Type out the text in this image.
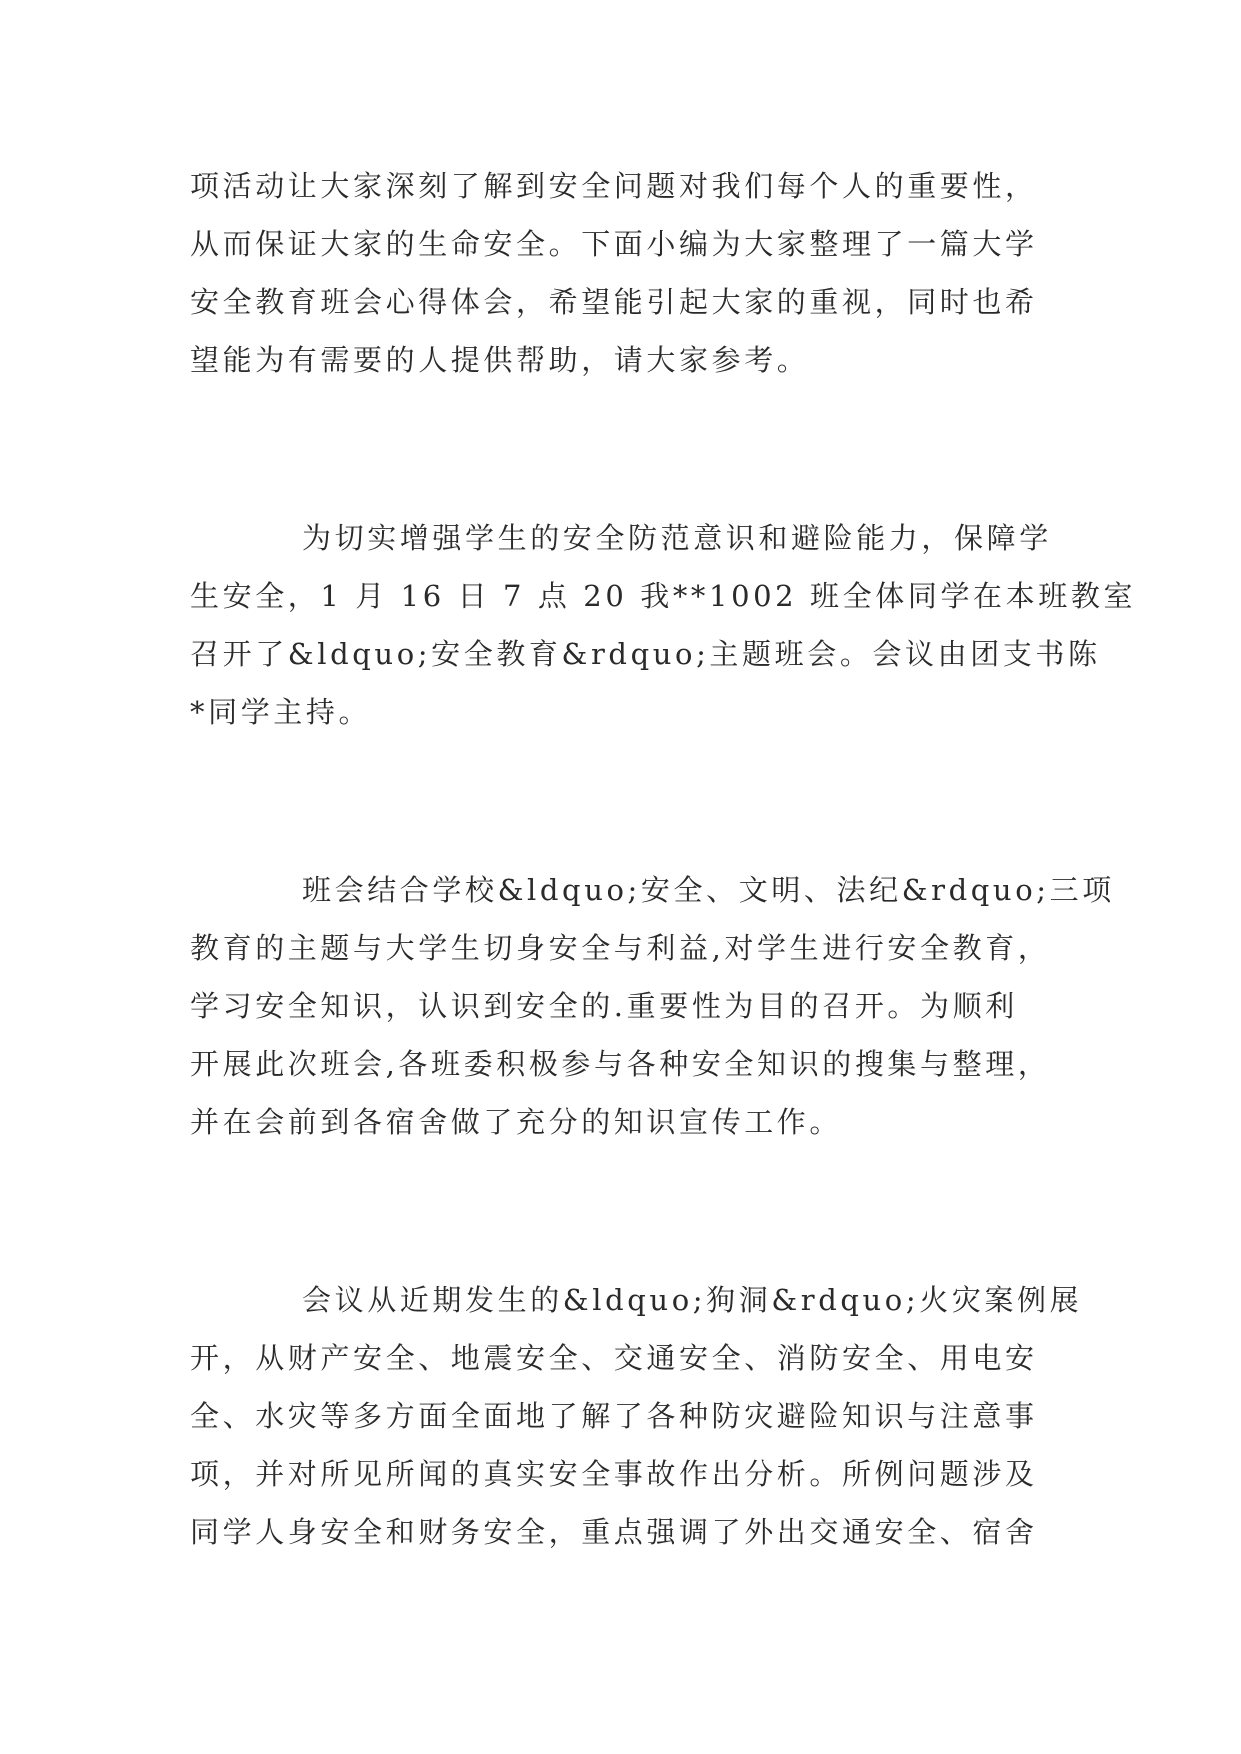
项活动让大家深刻了解到安全问题对我们每个人的重要性，
从而保证大家的生命安全。下面小编为大家整理了一篇大学
安全教育班会心得体会，希望能引起大家的重视，同时也希
望能为有需要的人提供帮助，请大家参考。
为切实增强学生的安全防范意识和避险能力，保障学
生安全，1 月 16 日 7 点 20 我**1002 班全体同学在本班教室
召开了&ldquo;安全教育&rdquo;主题班会。会议由团支书陈
*同学主持。
班会结合学校&ldquo;安全、文明、法纪&rdquo;三项
教育的主题与大学生切身安全与利益,对学生进行安全教育，
学习安全知识，认识到安全的.重要性为目的召开。为顺利
开展此次班会,各班委积极参与各种安全知识的搜集与整理，
并在会前到各宿舍做了充分的知识宣传工作。
会议从近期发生的&ldquo;狗洞&rdquo;火灾案例展
开，从财产安全、地震安全、交通安全、消防安全、用电安
全、水灾等多方面全面地了解了各种防灾避险知识与注意事
项，并对所见所闻的真实安全事故作出分析。所例问题涉及
同学人身安全和财务安全，重点强调了外出交通安全、宿舍
